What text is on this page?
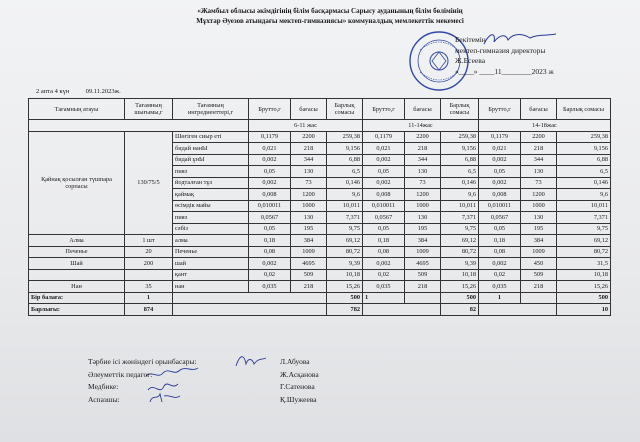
«Жамбыл облысы әкімдігінің білім басқармасы Сарысу ауданының білім бөлімінің
Мұхтар Әуезов атындағы мектеп-гимназиясы» коммуналдық мемлекеттік мекемесі
Бекітемін
мектеп-гимназия директоры
Ж.Есеева
«____» ____11________2023 ж
2 апта 4 күн	09.11.2023ж.
Тағамның атауы	Тағамның шығымы,г	Тағамның ингредиенттері,г	Брутто,г	бағасы	Барлық сомасы	Брутто,г	бағасы	Барлық сомасы	Брутто,г	бағасы	Барлық сомасы
			6-11 жас			11-14жас			14-18жас		
Қайнақ қосылған түшпара сорпасы	130/75/5	Шөгіген сиыр еті	0,1179	2200	259,38	0,1179	2200	259,38	0,1179	2200	259,38
		бидай нанЫ	0,021	218	9,156	0,021	218	9,156	0,021	218	9,156
		бидай ұнЫ	0,002	344	6,88	0,002	344	6,88	0,002	344	6,88
		пияз	0,05	130	6,5	0,05	130	6,5	0,05	130	6,5
		йодталған тұз	0,002	73	0,146	0,002	73	0,146	0,002	73	0,146
		қаймақ	0,008	1200	9,6	0,008	1200	9,6	0,008	1200	9,6
		өсімдік майы	0,010011	1000	10,011	0,010011	1000	10,011	0,010011	1000	10,011
		пияз	0,0567	130	7,371	0,0567	130	7,371	0,0567	130	7,371
		сәбіз	0,05	195	9,75	0,05	195	9,75	0,05	195	9,75
Алма	1 шт	алма	0,18	384	69,12	0,18	384	69,12	0,18	384	69,12
Печенье	20	Печенье	0,08	1009	80,72	0,08	1009	80,72	0,08	1009	80,72
Шай	200	шай	0,002	4695	9,39	0,002	4695	9,39	0,002	450	31,5
		қант	0,02	509	10,18	0,02	509	10,18	0,02	509	10,18
Нан	35	нан	0,035	218	15,26	0,035	218	15,26	0,035	218	15,26
Бір балаға:	1				500	1		500	1		500
Барлығы:	874				782			82			10
Тәрбие ісі жөніндегі орынбасары:
Әлеуметтік педагог:
Медбике:
Аспазшы:
Л.Абуова
Ж.Асқанова
Г.Сатенова
Қ.Шужеева
